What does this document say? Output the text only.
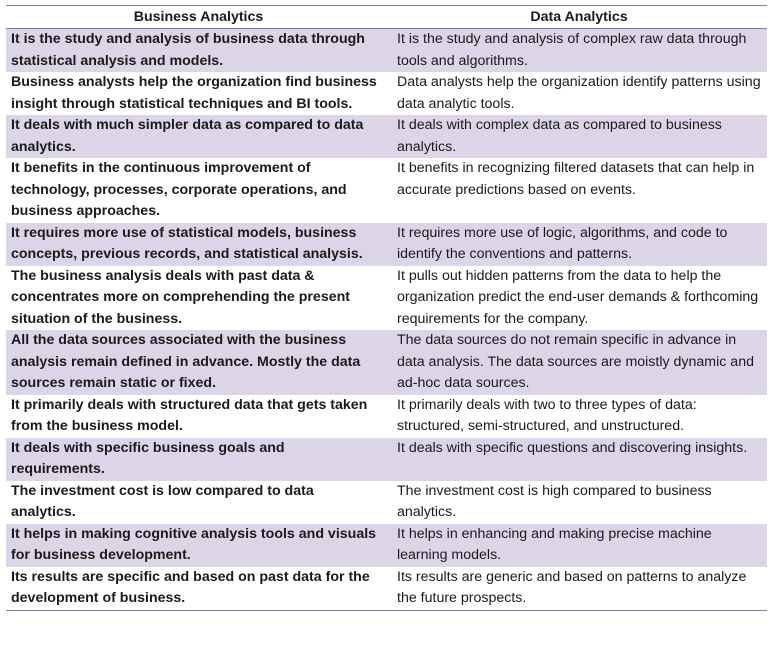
Business Analytics	Data Analytics
It is the study and analysis of business data through statistical analysis and models.	It is the study and analysis of complex raw data through tools and algorithms.
Business analysts help the organization find business insight through statistical techniques and BI tools.	Data analysts help the organization identify patterns using data analytic tools.
It deals with much simpler data as compared to data analytics.	It deals with complex data as compared to business analytics.
It benefits in the continuous improvement of technology, processes, corporate operations, and business approaches.	It benefits in recognizing filtered datasets that can help in accurate predictions based on events.
It requires more use of statistical models, business concepts, previous records, and statistical analysis.	It requires more use of logic, algorithms, and code to identify the conventions and patterns.
The business analysis deals with past data & concentrates more on comprehending the present situation of the business.	It pulls out hidden patterns from the data to help the organization predict the end-user demands & forthcoming requirements for the company.
All the data sources associated with the business analysis remain defined in advance. Mostly the data sources remain static or fixed.	The data sources do not remain specific in advance in data analysis. The data sources are moistly dynamic and ad-hoc data sources.
It primarily deals with structured data that gets taken from the business model.	It primarily deals with two to three types of data: structured, semi-structured, and unstructured.
It deals with specific business goals and requirements.	It deals with specific questions and discovering insights.
The investment cost is low compared to data analytics.	The investment cost is high compared to business analytics.
It helps in making cognitive analysis tools and visuals for business development.	It helps in enhancing and making precise machine learning models.
Its results are specific and based on past data for the development of business.	Its results are generic and based on patterns to analyze the future prospects.
